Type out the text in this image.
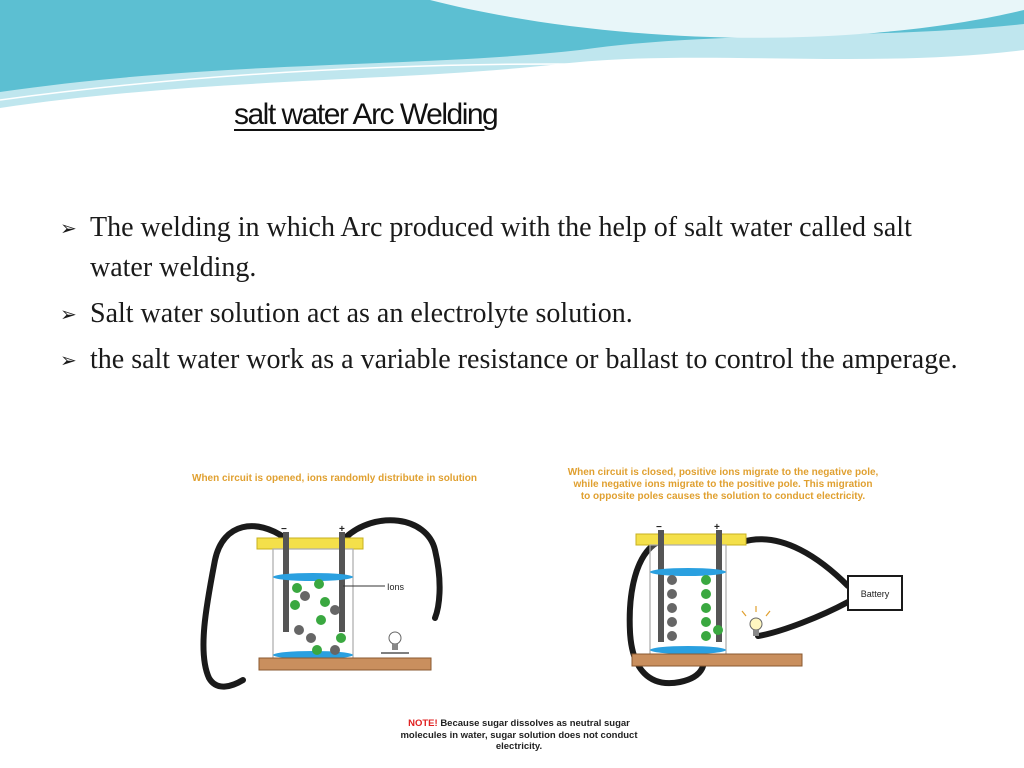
salt water Arc Welding
➢ The welding in which Arc produced with the help of salt water called salt water welding.
➢ Salt water solution act as an electrolyte solution.
➢ the salt water work as a variable resistance or ballast to control the amperage.
When circuit is opened, ions randomly distribute in solution
When circuit is closed, positive ions migrate to the negative pole,
while negative ions migrate to the positive pole. This migration
to opposite poles causes the solution to conduct electricity.
−	+
Ions
−	+
Battery
NOTE! Because sugar dissolves as neutral sugar molecules in water, sugar solution does not conduct electricity.
